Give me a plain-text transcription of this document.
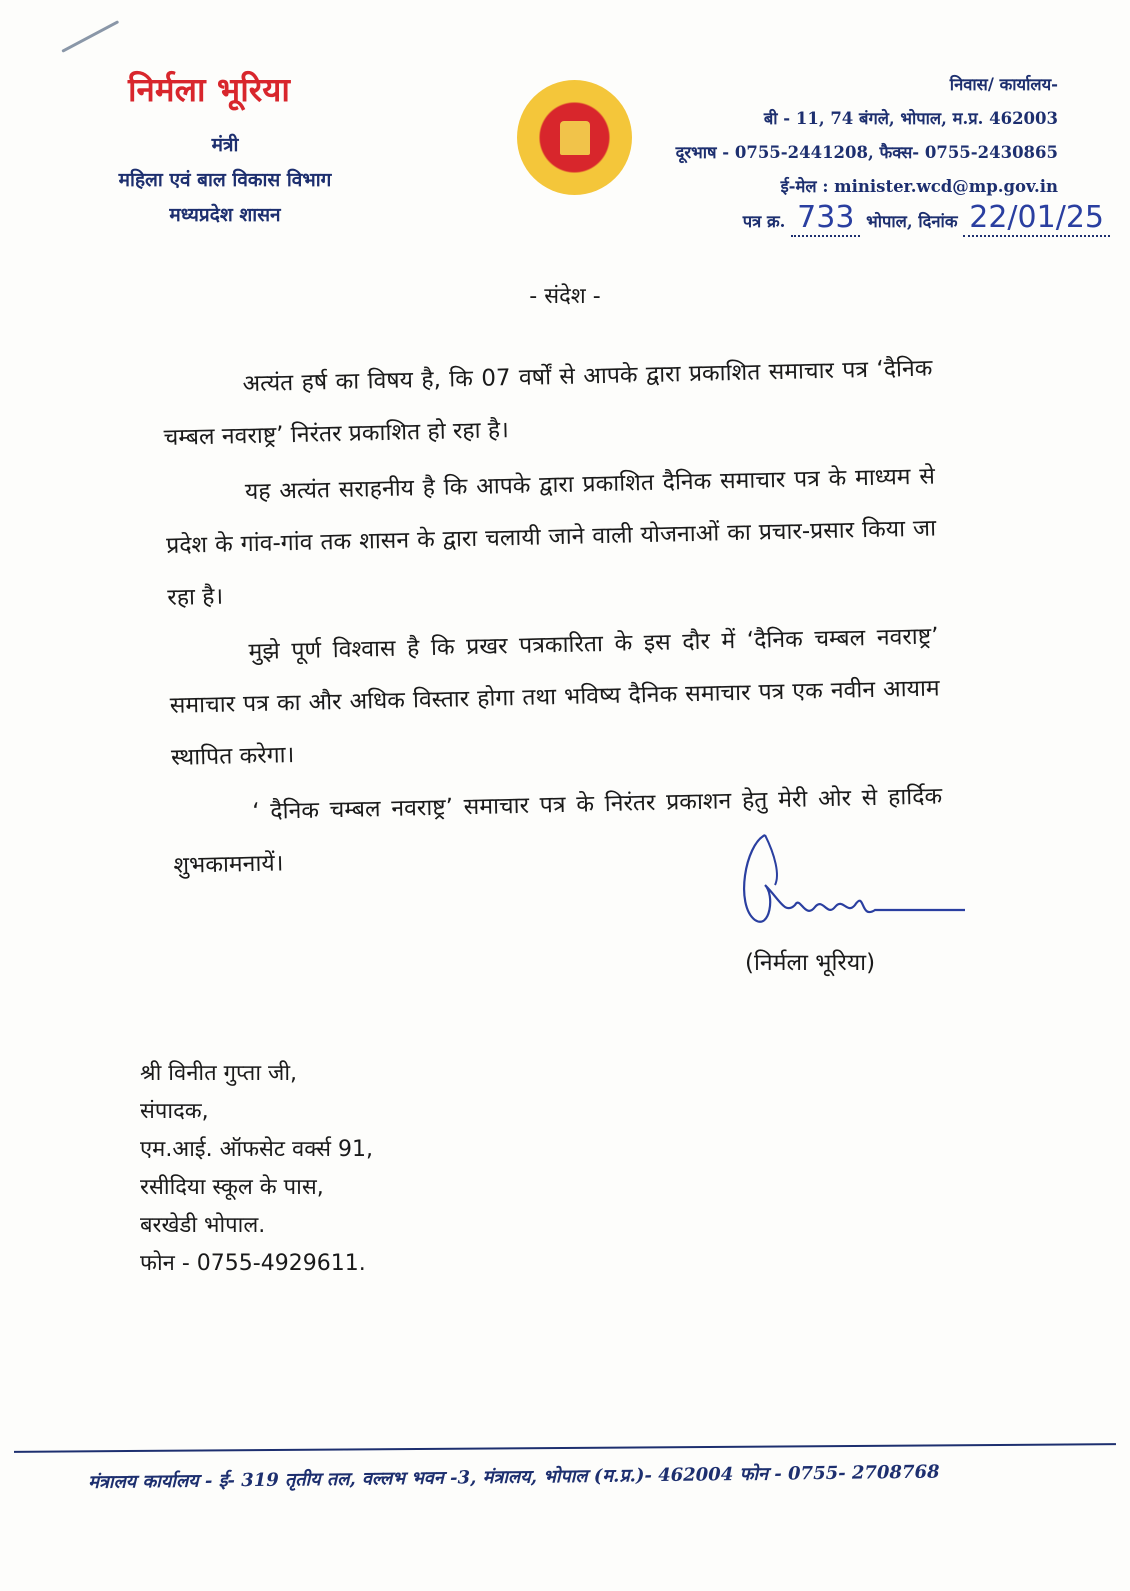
निर्मला भूरिया
मंत्री
महिला एवं बाल विकास विभाग
मध्यप्रदेश शासन
निवास/ कार्यालय-
बी - 11, 74 बंगले, भोपाल, म.प्र. 462003
दूरभाष - 0755-2441208, फैक्स- 0755-2430865
ई-मेल : minister.wcd@mp.gov.in
पत्र क्र. 733 भोपाल, दिनांक 22/01/25
- संदेश -

अत्यंत हर्ष का विषय है, कि 07 वर्षों से आपके द्वारा प्रकाशित समाचार पत्र ‘दैनिक चम्बल नवराष्ट्र’ निरंतर प्रकाशित हो रहा है।

यह अत्यंत सराहनीय है कि आपके द्वारा प्रकाशित दैनिक समाचार पत्र के माध्यम से प्रदेश के गांव-गांव तक शासन के द्वारा चलायी जाने वाली योजनाओं का प्रचार-प्रसार किया जा रहा है।

मुझे पूर्ण विश्वास है कि प्रखर पत्रकारिता के इस दौर में ‘दैनिक चम्बल नवराष्ट्र’ समाचार पत्र का और अधिक विस्तार होगा तथा भविष्य दैनिक समाचार पत्र एक नवीन आयाम स्थापित करेगा।

‘ दैनिक चम्बल नवराष्ट्र’ समाचार पत्र के निरंतर प्रकाशन हेतु मेरी ओर से हार्दिक शुभकामनायें।

(निर्मला भूरिया)
श्री विनीत गुप्ता जी,
संपादक,
एम.आई. ऑफसेट वर्क्स 91,
रसीदिया स्कूल के पास,
बरखेडी भोपाल.
फोन - 0755-4929611.
मंत्रालय कार्यालय - ई- 319 तृतीय तल, वल्लभ भवन -3, मंत्रालय, भोपाल (म.प्र.)- 462004 फोन - 0755- 2708768
